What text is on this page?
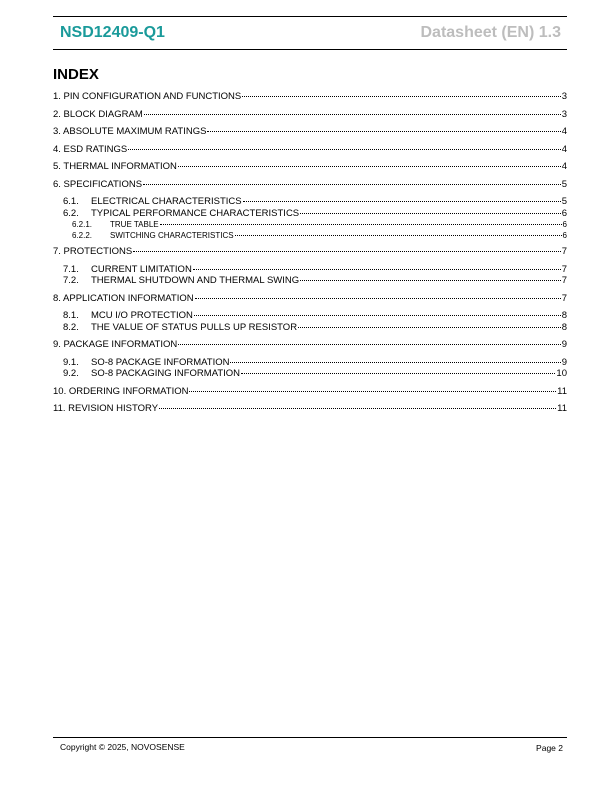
NSD12409-Q1	Datasheet (EN) 1.3
INDEX
1. PIN CONFIGURATION AND FUNCTIONS	3
2. BLOCK DIAGRAM	3
3. ABSOLUTE MAXIMUM RATINGS	4
4. ESD RATINGS	4
5. THERMAL INFORMATION	4
6. SPECIFICATIONS	5
6.1.	ELECTRICAL CHARACTERISTICS	5
6.2.	TYPICAL PERFORMANCE CHARACTERISTICS	6
6.2.1.	TRUE TABLE	6
6.2.2.	SWITCHING CHARACTERISTICS	6
7. PROTECTIONS	7
7.1.	CURRENT LIMITATION	7
7.2.	THERMAL SHUTDOWN AND THERMAL SWING	7
8. APPLICATION INFORMATION	7
8.1.	MCU I/O PROTECTION	8
8.2.	THE VALUE OF STATUS PULLS UP RESISTOR	8
9. PACKAGE INFORMATION	9
9.1.	SO-8 PACKAGE INFORMATION	9
9.2.	SO-8 PACKAGING INFORMATION	10
10. ORDERING INFORMATION	11
11. REVISION HISTORY	11
Copyright © 2025, NOVOSENSE	Page 2
